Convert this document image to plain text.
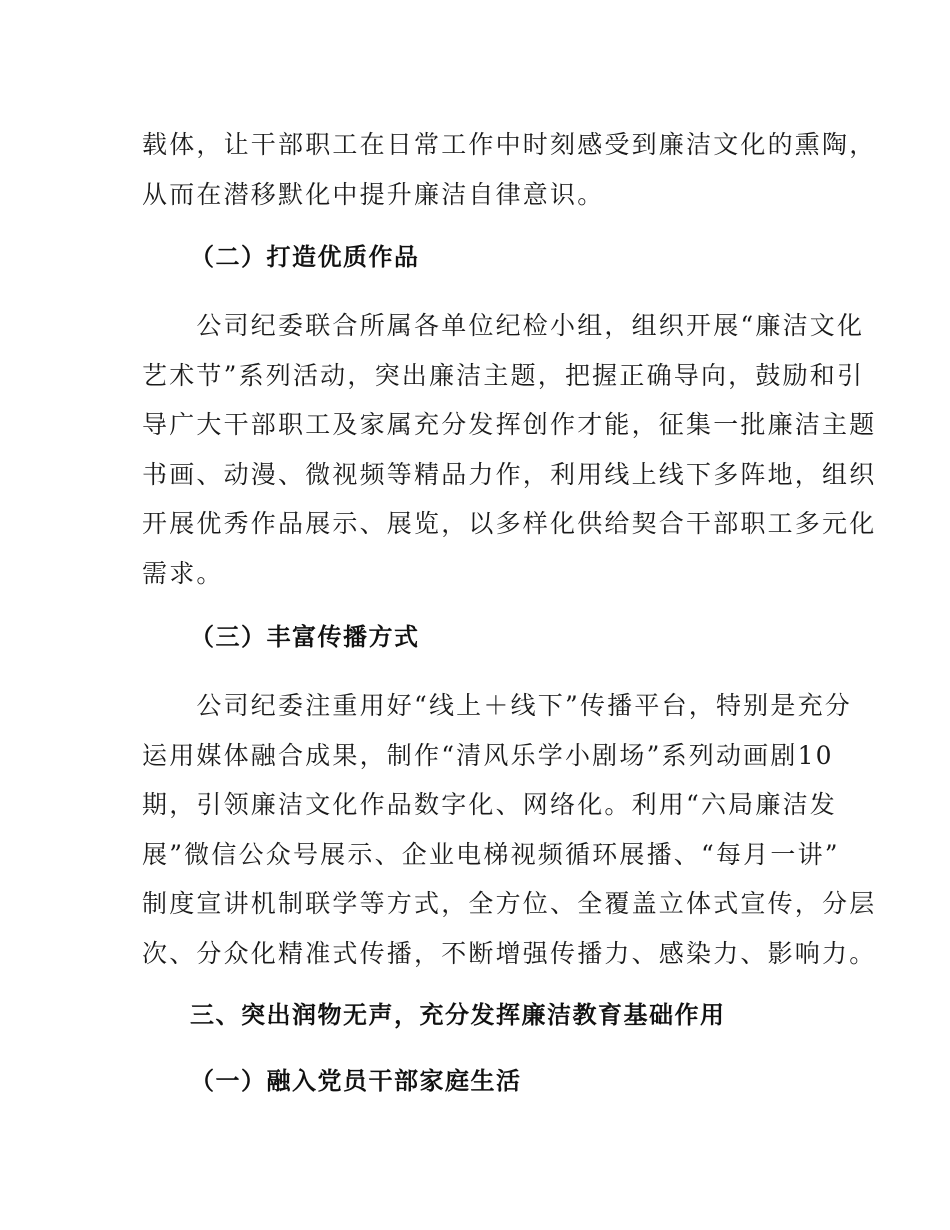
载体，让干部职工在日常工作中时刻感受到廉洁文化的熏陶，
从而在潜移默化中提升廉洁自律意识。
（二）打造优质作品
　　公司纪委联合所属各单位纪检小组，组织开展“廉洁文化
艺术节”系列活动，突出廉洁主题，把握正确导向，鼓励和引
导广大干部职工及家属充分发挥创作才能，征集一批廉洁主题
书画、动漫、微视频等精品力作，利用线上线下多阵地，组织
开展优秀作品展示、展览，以多样化供给契合干部职工多元化
需求。
（三）丰富传播方式
　　公司纪委注重用好“线上＋线下”传播平台，特别是充分
运用媒体融合成果，制作“清风乐学小剧场”系列动画剧10
期，引领廉洁文化作品数字化、网络化。利用“六局廉洁发
展”微信公众号展示、企业电梯视频循环展播、“每月一讲”
制度宣讲机制联学等方式，全方位、全覆盖立体式宣传，分层
次、分众化精准式传播，不断增强传播力、感染力、影响力。
三、突出润物无声，充分发挥廉洁教育基础作用
（一）融入党员干部家庭生活
